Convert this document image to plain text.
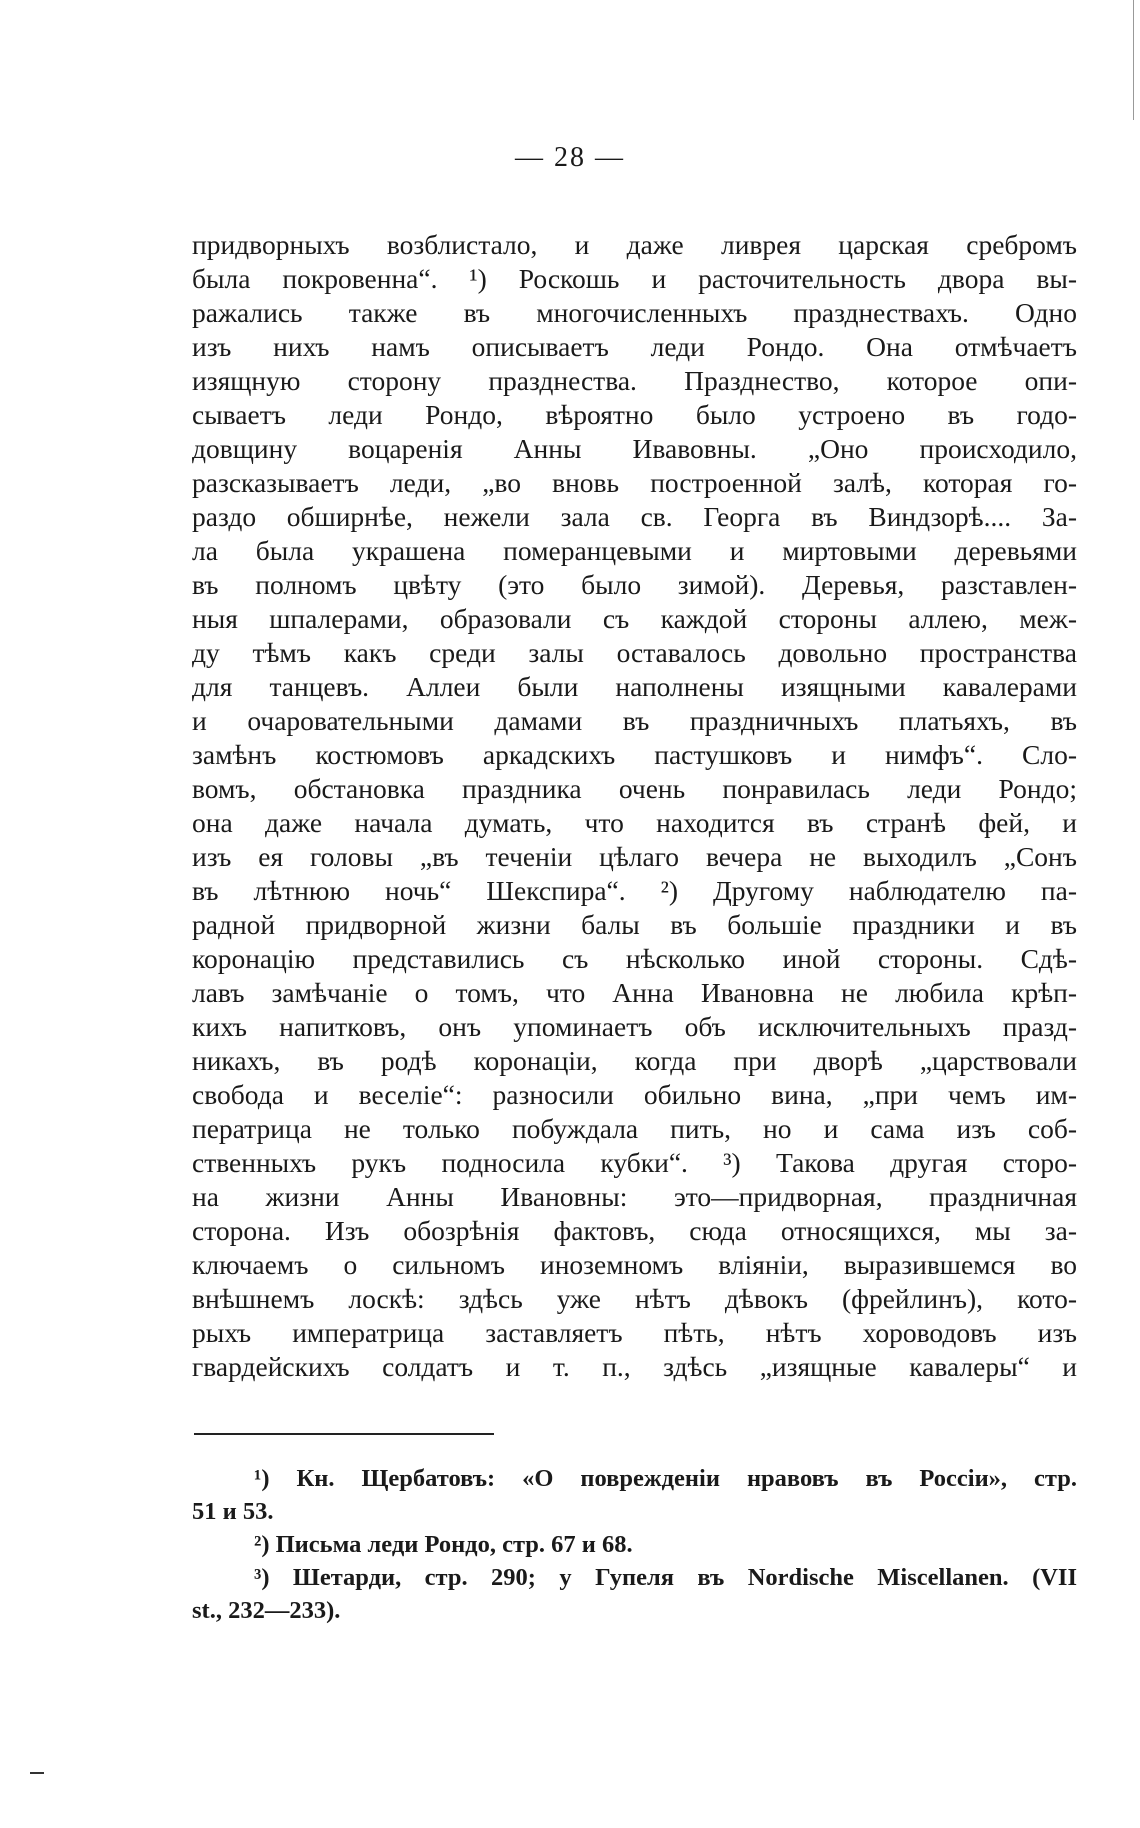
— 28 —
придворныхъ возблистало, и даже ливрея царская сребромъ
была покровенна“. ¹) Роскошь и расточительность двора вы-
ражались также въ многочисленныхъ празднествахъ. Одно
изъ нихъ намъ описываетъ леди Рондо. Она отмѣчаетъ
изящную сторону празднества. Празднество, которое опи-
сываетъ леди Рондо, вѣроятно было устроено въ годо-
довщину воцаренія Анны Ивавовны. „Оно происходило,
разсказываетъ леди, „во вновь построенной залѣ, которая го-
раздо обширнѣе, нежели зала св. Георга въ Виндзорѣ.... За-
ла была украшена померанцевыми и миртовыми деревьями
въ полномъ цвѣту (это было зимой). Деревья, разставлен-
ныя шпалерами, образовали съ каждой стороны аллею, меж-
ду тѣмъ какъ среди залы оставалось довольно пространства
для танцевъ. Аллеи были наполнены изящными кавалерами
и очаровательными дамами въ праздничныхъ платьяхъ, въ
замѣнъ костюмовъ аркадскихъ пастушковъ и нимфъ“. Сло-
вомъ, обстановка праздника очень понравилась леди Рондо;
она даже начала думать, что находится въ странѣ фей, и
изъ ея головы „въ теченіи цѣлаго вечера не выходилъ „Сонъ
въ лѣтнюю ночь“ Шекспира“. ²) Другому наблюдателю па-
радной придворной жизни балы въ большіе праздники и въ
коронацію представились съ нѣсколько иной стороны. Сдѣ-
лавъ замѣчаніе о томъ, что Анна Ивановна не любила крѣп-
кихъ напитковъ, онъ упоминаетъ объ исключительныхъ празд-
никахъ, въ родѣ коронаціи, когда при дворѣ „царствовали
свобода и веселіе“: разносили обильно вина, „при чемъ им-
ператрица не только побуждала пить, но и сама изъ соб-
ственныхъ рукъ подносила кубки“. ³) Такова другая сторо-
на жизни Анны Ивановны: это—придворная, праздничная
сторона. Изъ обозрѣнія фактовъ, сюда относящихся, мы за-
ключаемъ о сильномъ иноземномъ вліяніи, выразившемся во
внѣшнемъ лоскѣ: здѣсь уже нѣтъ дѣвокъ (фрейлинъ), кото-
рыхъ императрица заставляетъ пѣть, нѣтъ хороводовъ изъ
гвардейскихъ солдатъ и т. п., здѣсь „изящные кавалеры“ и
¹) Кн. Щербатовъ: «О поврежденіи нравовъ въ Россіи», стр.
51 и 53.
²) Письма леди Рондо, стр. 67 и 68.
³) Шетарди, стр. 290; у Гупеля въ Nordische Miscellanen. (VII
st., 232—233).
